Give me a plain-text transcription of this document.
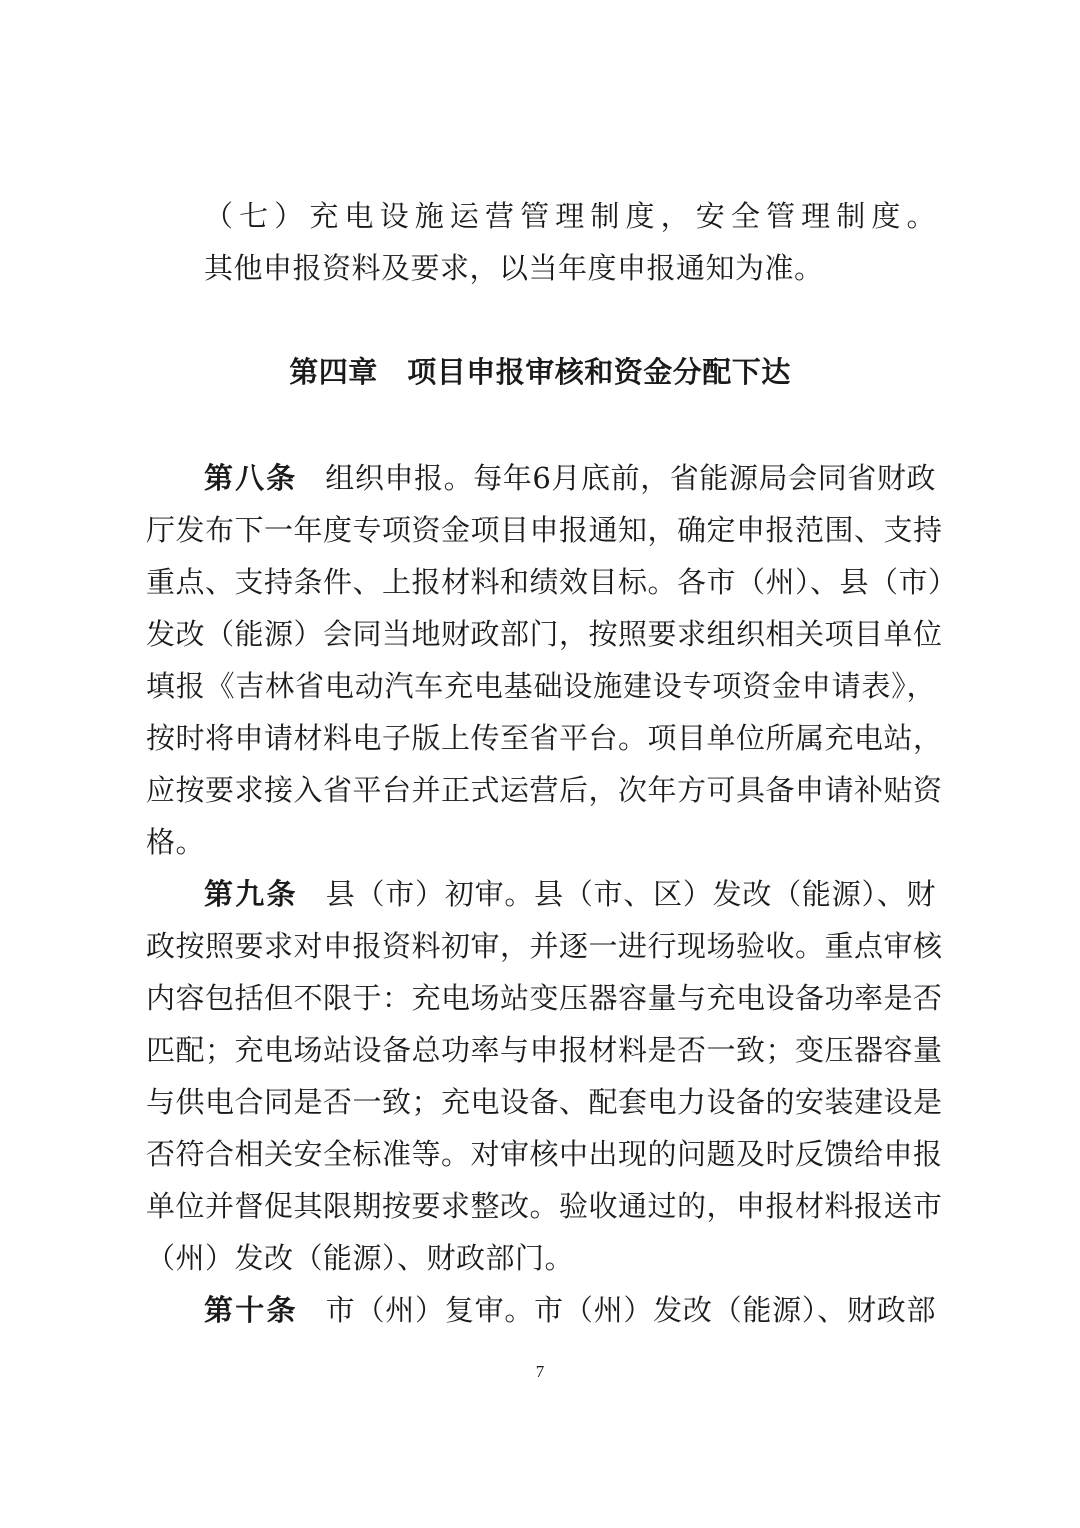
（七）充电设施运营管理制度，安全管理制度。
其他申报资料及要求，以当年度申报通知为准。
第四章　项目申报审核和资金分配下达
第八条 组织申报。每年6月底前，省能源局会同省财政
厅发布下一年度专项资金项目申报通知，确定申报范围、支持
重点、支持条件、上报材料和绩效目标。各市（州）、县（市）
发改（能源）会同当地财政部门，按照要求组织相关项目单位
填报《吉林省电动汽车充电基础设施建设专项资金申请表》，
按时将申请材料电子版上传至省平台。项目单位所属充电站，
应按要求接入省平台并正式运营后，次年方可具备申请补贴资
格。
第九条 县（市）初审。县（市、区）发改（能源）、财
政按照要求对申报资料初审，并逐一进行现场验收。重点审核
内容包括但不限于：充电场站变压器容量与充电设备功率是否
匹配；充电场站设备总功率与申报材料是否一致；变压器容量
与供电合同是否一致；充电设备、配套电力设备的安装建设是
否符合相关安全标准等。对审核中出现的问题及时反馈给申报
单位并督促其限期按要求整改。验收通过的，申报材料报送市
（州）发改（能源）、财政部门。
第十条 市（州）复审。市（州）发改（能源）、财政部
7
